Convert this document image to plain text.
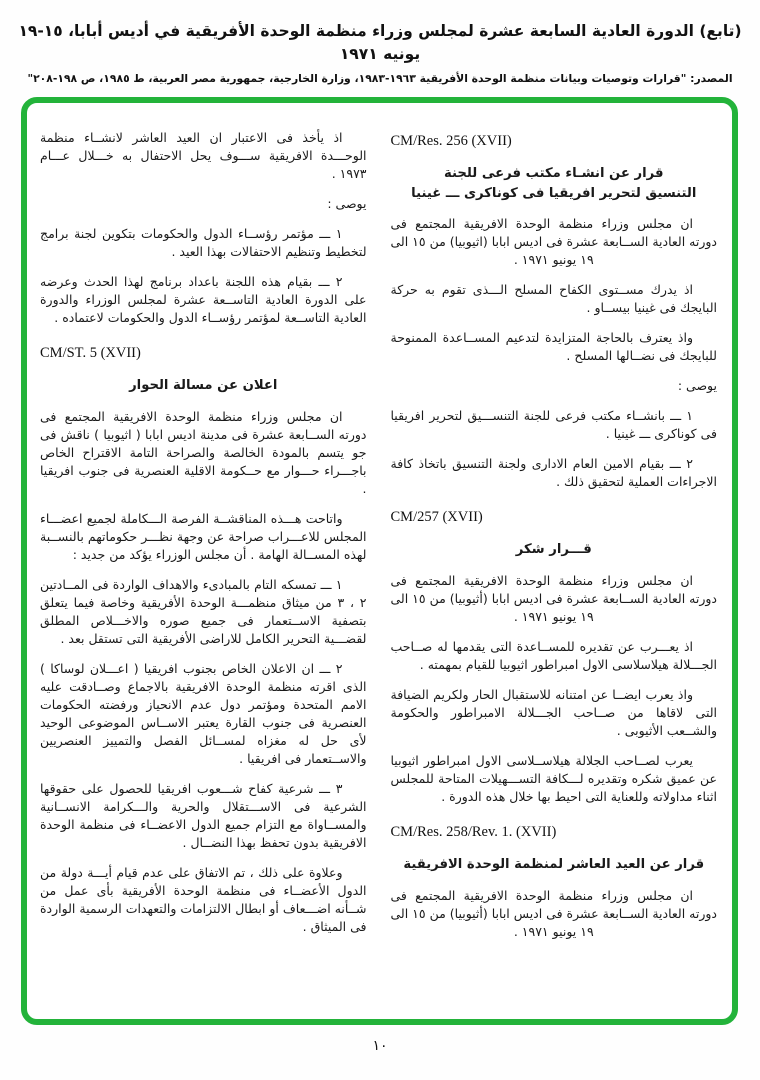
(تابع) الدورة العادية السابعة عشرة لمجلس وزراء منظمة الوحدة الأفريقية في أديس أبابا، ١٥-١٩ يونيه ١٩٧١
المصدر: "قرارات وتوصيات وبيانات منظمة الوحدة الأفريقية ١٩٦٣-١٩٨٣، وزارة الخارجية، جمهورية مصر العربية، ط ١٩٨٥، ص ١٩٨-٢٠٨"
CM/Res. 256 (XVII)
قرار عن انشـاء مكتب فرعى للجنة
التنسيق لتحرير افريقيا فى كوناكرى ـــ غينيا
ان مجلس وزراء منظمة الوحدة الافريقية المجتمع فى دورته العادية الســابعة عشرة فى اديس ابابا (اثيوبيا) من ١٥ الى ١٩ يونيو ١٩٧١ .
اذ يدرك مســتوى الكفاح المسلح الـــذى تقوم به حركة البايجك فى غينيا بيســاو .
واذ يعترف بالحاجة المتزايدة لتدعيم المســاعدة الممنوحة للبايجك فى نضــالها المسلح .
يوصى :
١ ـــ بانشــاء مكتب فرعى للجنة التنســـيق لتحرير افريقيا فى كوناكرى ـــ غينيا .
٢ ـــ بقيام الامين العام الادارى ولجنة التنسيق باتخاذ كافة الاجراءات العملية لتحقيق ذلك .
CM/257 (XVII)
قـــرار شكر
ان مجلس وزراء منظمة الوحدة الافريقية المجتمع فى دورته العادية الســابعة عشرة فى اديس ابابا (أثيوبيا) من ١٥ الى ١٩ يونيو ١٩٧١ .
اذ يعـــرب عن تقديره للمســاعدة التى يقدمها له صــاحب الجـــلالة هيلاسلاسى الاول امبراطور اثيوبيا للقيام بمهمته .
واذ يعرب ايضــا عن امتنانه للاستقبال الحار ولكريم الضيافة التى لاقاها من صــاحب الجـــلالة الامبراطور والحكومة والشــعب الأثيوبى .
يعرب لصــاحب الجلالة هيلاســلاسى الاول امبراطور اثيوبيا عن عميق شكره وتقديره لـــكافة التســـهيلات المتاحة للمجلس اثناء مداولاته وللعناية التى احيط بها خلال هذه الدورة .
CM/Res. 258/Rev. 1. (XVII)
قرار عن العيد العاشر لمنظمة الوحدة الافريقية
ان مجلس وزراء منظمة الوحدة الافريقية المجتمع فى دورته العادية الســابعة عشرة فى اديس ابابا (أثيوبيا) من ١٥ الى ١٩ يونيو ١٩٧١ .
اذ يأخذ فى الاعتبار ان العيد العاشر لانشــاء منظمة الوحـــدة الافريقية ســـوف يحل الاحتفال به خـــلال عـــام ١٩٧٣ .
يوصى :
١ ـــ مؤتمر رؤســاء الدول والحكومات بتكوين لجنة برامج لتخطيط وتنظيم الاحتفالات بهذا العيد .
٢ ـــ بقيام هذه اللجنة باعداد برنامج لهذا الحدث وعرضه على الدورة العادية التاســعة عشرة لمجلس الوزراء والدورة العادية التاســعة لمؤتمر رؤســاء الدول والحكومات لاعتماده .
CM/ST. 5 (XVII)
اعلان عن مسالة الحوار
ان مجلس وزراء منظمة الوحدة الافريقية المجتمع فى دورته الســابعة عشرة فى مدينة اديس ابابا ( اثيوبيا ) ناقش فى جو يتسم بالمودة الخالصة والصراحة التامة الاقتراح الخاص باجـــراء حـــوار مع حــكومة الاقلية العنصرية فى جنوب افريقيا .
واتاحت هـــذه المناقشــة الفرصة الـــكاملة لجميع اعضـــاء المجلس للاعـــراب صراحة عن وجهة نظـــر حكوماتهم بالنســبة لهذه المســالة الهامة . أن مجلس الوزراء يؤكد من جديد :
١ ـــ تمسكه التام بالمبادىء والاهداف الواردة فى المــادتين ٢ ، ٣ من ميثاق منظمـــة الوحدة الأفريقية وخاصة فيما يتعلق بتصفية الاســتعمار فى جميع صوره والاخـــلاص المطلق لقضـــية التحرير الكامل للاراضى الأفريقية التى تستقل بعد .
٢ ـــ ان الاعلان الخاص بجنوب افريقيا ( اعـــلان لوساكا ) الذى اقرته منظمة الوحدة الافريقية بالاجماع وصــادقت عليه الامم المتحدة ومؤتمر دول عدم الانحياز ورفضته الحكومات العنصرية فى جنوب القارة يعتبر الاســاس الموضوعى الوحيد لأى حل له مغزاه لمســائل الفصل والتمييز العنصريين والاســتعمار فى افريقيا .
٣ ـــ شرعية كفاح شـــعوب افريقيا للحصول على حقوقها الشرعية فى الاســـتقلال والحرية والـــكرامة الانســانية والمســاواة مع التزام جميع الدول الاعضــاء فى منظمة الوحدة الافريقية بدون تحفظ بهذا النضــال .
وعلاوة على ذلك ، تم الاتفاق على عدم قيام أيـــة دولة من الدول الأعضــاء فى منظمة الوحدة الأفريقية بأى عمل من شــأنه اضـــعاف أو ابطال الالتزامات والتعهدات الرسمية الواردة فى الميثاق .
١٠
